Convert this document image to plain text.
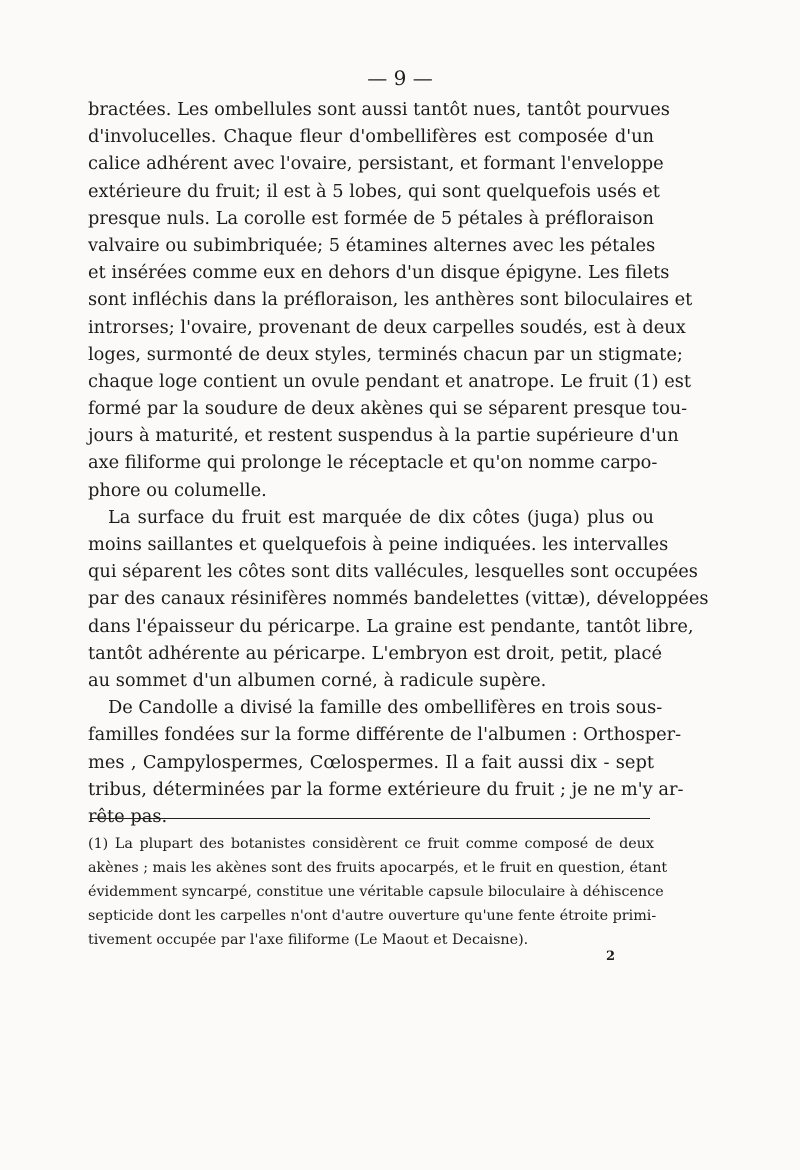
— 9 —
bractées. Les ombellules sont aussi tantôt nues, tantôt pourvues
d'involucelles. Chaque fleur d'ombellifères est composée d'un
calice adhérent avec l'ovaire, persistant, et formant l'enveloppe
extérieure du fruit; il est à 5 lobes, qui sont quelquefois usés et
presque nuls. La corolle est formée de 5 pétales à préfloraison
valvaire ou subimbriquée; 5 étamines alternes avec les pétales
et insérées comme eux en dehors d'un disque épigyne. Les filets
sont infléchis dans la préfloraison, les anthères sont biloculaires et
introrses; l'ovaire, provenant de deux carpelles soudés, est à deux
loges, surmonté de deux styles, terminés chacun par un stigmate;
chaque loge contient un ovule pendant et anatrope. Le fruit (1) est
formé par la soudure de deux akènes qui se séparent presque tou-
jours à maturité, et restent suspendus à la partie supérieure d'un
axe filiforme qui prolonge le réceptacle et qu'on nomme carpo-
phore ou columelle.
La surface du fruit est marquée de dix côtes (juga) plus ou
moins saillantes et quelquefois à peine indiquées. les intervalles
qui séparent les côtes sont dits vallécules, lesquelles sont occupées
par des canaux résinifères nommés bandelettes (vittæ), développées
dans l'épaisseur du péricarpe. La graine est pendante, tantôt libre,
tantôt adhérente au péricarpe. L'embryon est droit, petit, placé
au sommet d'un albumen corné, à radicule supère.
De Candolle a divisé la famille des ombellifères en trois sous-
familles fondées sur la forme différente de l'albumen : Orthosper-
mes , Campylospermes, Cœlospermes. Il a fait aussi dix - sept
tribus, déterminées par la forme extérieure du fruit ; je ne m'y ar-
rête pas.
(1) La plupart des botanistes considèrent ce fruit comme composé de deux
akènes ; mais les akènes sont des fruits apocarpés, et le fruit en question, étant
évidemment syncarpé, constitue une véritable capsule biloculaire à déhiscence
septicide dont les carpelles n'ont d'autre ouverture qu'une fente étroite primi-
tivement occupée par l'axe filiforme (Le Maout et Decaisne).
2
